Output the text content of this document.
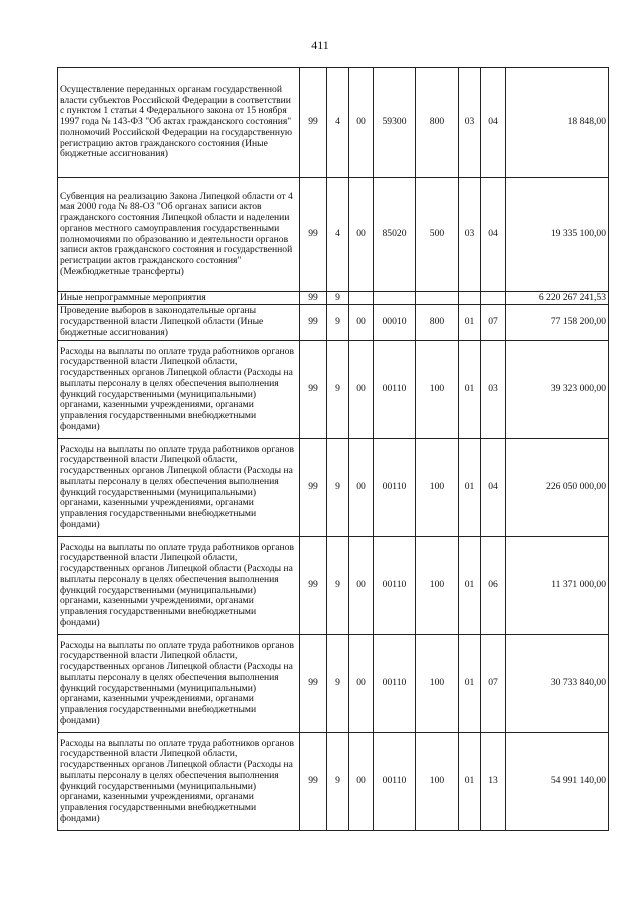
411
Осуществление переданных органам государственной власти субъектов Российской Федерации в соответствии с пунктом 1 статьи 4 Федерального закона от 15 ноября 1997 года № 143-ФЗ "Об актах гражданского состояния" полномочий Российской Федерации на государственную регистрацию актов гражданского состояния (Иные бюджетные ассигнования)	99	4	00	59300	800	03	04	18 848,00
Субвенция на реализацию Закона Липецкой области от 4 мая 2000 года № 88-ОЗ "Об органах записи актов гражданского состояния Липецкой области и наделении органов местного самоуправления государственными полномочиями по образованию и деятельности органов записи актов гражданского состояния и государственной регистрации актов гражданского состояния" (Межбюджетные трансферты)	99	4	00	85020	500	03	04	19 335 100,00
Иные непрограммные мероприятия	99	9						6 220 267 241,53
Проведение выборов в законодательные органы государственной власти Липецкой области (Иные бюджетные ассигнования)	99	9	00	00010	800	01	07	77 158 200,00
Расходы на выплаты по оплате труда работников органов государственной власти Липецкой области, государственных органов Липецкой области (Расходы на выплаты персоналу в целях обеспечения выполнения функций государственными (муниципальными) органами, казенными учреждениями, органами управления государственными внебюджетными фондами)	99	9	00	00110	100	01	03	39 323 000,00
Расходы на выплаты по оплате труда работников органов государственной власти Липецкой области, государственных органов Липецкой области (Расходы на выплаты персоналу в целях обеспечения выполнения функций государственными (муниципальными) органами, казенными учреждениями, органами управления государственными внебюджетными фондами)	99	9	00	00110	100	01	04	226 050 000,00
Расходы на выплаты по оплате труда работников органов государственной власти Липецкой области, государственных органов Липецкой области (Расходы на выплаты персоналу в целях обеспечения выполнения функций государственными (муниципальными) органами, казенными учреждениями, органами управления государственными внебюджетными фондами)	99	9	00	00110	100	01	06	11 371 000,00
Расходы на выплаты по оплате труда работников органов государственной власти Липецкой области, государственных органов Липецкой области (Расходы на выплаты персоналу в целях обеспечения выполнения функций государственными (муниципальными) органами, казенными учреждениями, органами управления государственными внебюджетными фондами)	99	9	00	00110	100	01	07	30 733 840,00
Расходы на выплаты по оплате труда работников органов государственной власти Липецкой области, государственных органов Липецкой области (Расходы на выплаты персоналу в целях обеспечения выполнения функций государственными (муниципальными) органами, казенными учреждениями, органами управления государственными внебюджетными фондами)	99	9	00	00110	100	01	13	54 991 140,00
